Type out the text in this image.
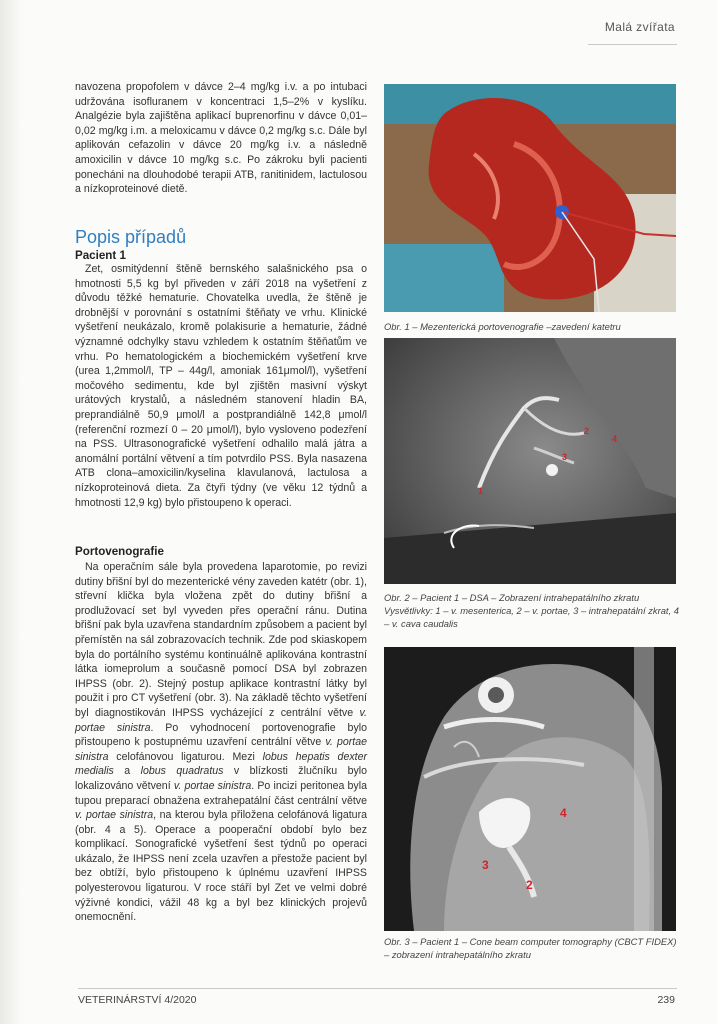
Malá zvířata

navozena propofolem v dávce 2–4 mg/kg i.v. a po intubaci udržována isofluranem v koncentraci 1,5–2% v kyslíku. Analgézie byla zajištěna aplikací buprenorfinu v dávce 0,01–0,02 mg/kg i.m. a meloxicamu v dávce 0,2 mg/kg s.c. Dále byl aplikován cefazolin v dávce 20 mg/kg i.v. a následně amoxicilin v dávce 10 mg/kg s.c. Po zákroku byli pacienti ponecháni na dlouhodobé terapii ATB, ranitinidem, lactulosou a nízkoproteinové dietě.

Popis případů
Pacient 1

Zet, osmitýdenní štěně bernského salašnického psa o hmotnosti 5,5 kg byl přiveden v září 2018 na vyšetření z důvodu těžké hematurie. Chovatelka uvedla, že štěně je drobnější v porovnání s ostatními štěňaty ve vrhu. Klinické vyšetření neukázalo, kromě polakisurie a hematurie, žádné významné odchylky stavu vzhledem k ostatním štěňatům ve vrhu. Po hematologickém a biochemickém vyšetření krve (urea 1,2mmol/l, TP – 44g/l, amoniak 161μmol/l), vyšetření močového sedimentu, kde byl zjištěn masivní výskyt urátových krystalů, a následném stanovení hladin BA, preprandiálně 50,9 μmol/l a postprandiálně 142,8 μmol/l (referenční rozmezí 0 – 20 μmol/l), bylo vysloveno podezření na PSS. Ultrasonografické vyšetření odhalilo malá játra a anomální portální větvení a tím potvrdilo PSS. Byla nasazena ATB clona–amoxicilin/kyselina klavulanová, lactulosa a nízkoproteinová dieta. Za čtyři týdny (ve věku 12 týdnů a hmotnosti 12,9 kg) bylo přistoupeno k operaci.

Portovenografie

Na operačním sále byla provedena laparotomie, po revizi dutiny břišní byl do mezenterické vény zaveden katétr (obr. 1), střevní klička byla vložena zpět do dutiny břišní a prodlužovací set byl vyveden přes operační ránu. Dutina břišní pak byla uzavřena standardním způsobem a pacient byl přemístěn na sál zobrazovacích technik. Zde pod skiaskopem byla do portálního systému kontinuálně aplikována kontrastní látka iomeprolum a současně pomocí DSA byl zobrazen IHPSS (obr. 2). Stejný postup aplikace kontrastní látky byl použit i pro CT vyšetření (obr. 3). Na základě těchto vyšetření byl diagnostikován IHPSS vycházející z centrální větve v. portae sinistra. Po vyhodnocení portovenografie bylo přistoupeno k postupnému uzavření centrální větve v. portae sinistra celofánovou ligaturou. Mezi lobus hepatis dexter medialis a lobus quadratus v blízkosti žlučníku bylo lokalizováno větvení v. portae sinistra. Po incizi peritonea byla tupou preparací obnažena extrahepatální část centrální větve v. portae sinistra, na kterou byla přiložena celofánová ligatura (obr. 4 a 5). Operace a pooperační období bylo bez komplikací. Sonografické vyšetření šest týdnů po operaci ukázalo, že IHPSS není zcela uzavřen a přestože pacient byl bez obtíží, bylo přistoupeno k úplnému uzavření IHPSS polyesterovou ligaturou. V roce stáří byl Zet ve velmi dobré výživné kondici, vážil 48 kg a byl bez klinických projevů onemocnění.

Obr. 1 – Mezenterická portovenografie –zavedení katetru

1
2
3
4

Obr. 2 – Pacient 1 – DSA – Zobrazení intrahepatálního zkratu Vysvětlivky: 1 – v. mesenterica, 2 – v. portae, 3 – intrahepatální zkrat, 4 – v. cava caudalis

4
3
2

Obr. 3 – Pacient 1 – Cone beam computer tomography (CBCT FIDEX) – zobrazení intrahepatálního zkratu

VETERINÁRSTVÍ 4/2020	239
